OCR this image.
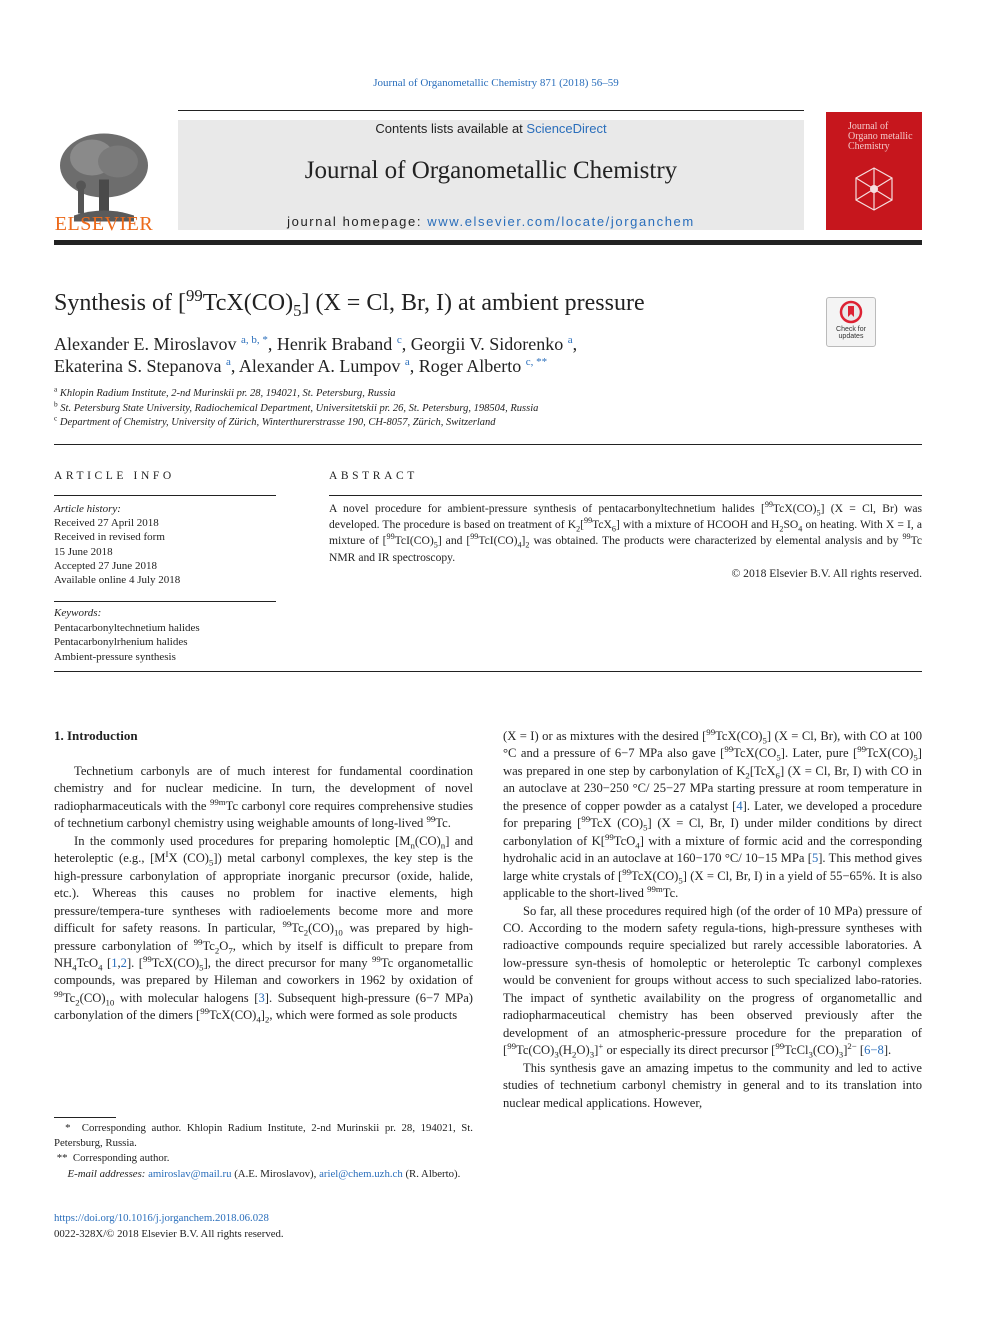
Journal of Organometallic Chemistry 871 (2018) 56–59
ELSEVIER
Contents lists available at ScienceDirect
Journal of Organometallic Chemistry
journal homepage: www.elsevier.com/locate/jorganchem
Journal of Organo metallic Chemistry
Synthesis of $[^{99}TcX(CO)_5] (X = Cl$, Br, I) at ambient pressure
Check for
updates
Alexander E. Miroslavov $^{a, b, *}$, Henrik Braband $^c$, Georgii V. Sidorenko $^a$,
Ekaterina S. Stepanova $^a$, Alexander A. Lumpov $^a$, Roger Alberto $^{c, **}$
$^a$ Khlopin Radium Institute, 2-nd Murinskii pr. 28, 194021, St. Petersburg, Russia
$^b$ St. Petersburg State University, Radiochemical Department, Universitetskii pr. 26, St. Petersburg, 198504, Russia
$^c$ Department of Chemistry, University of Zürich, Winterthurerstrasse 190, CH-8057, Zürich, Switzerland
ARTICLE INFO	ABSTRACT
Article history:
Received 27 April 2018
Received in revised form
15 June 2018
Accepted 27 June 2018
Available online 4 July 2018
Keywords:
Pentacarbonyltechnetium halides
Pentacarbonylrhenium halides
Ambient-pressure synthesis
A novel procedure for ambient-pressure synthesis of pentacarbonyltechnetium halides $[^{99}TcX(CO)_5] (X = Cl$, Br) was developed. The procedure is based on treatment of $K_2[^{99}TcX_6]$ with a mixture of HCOOH and $H_2SO_4$ on heating. With X = I, a mixture of $[^{99}TcI(CO)_5]$ and $[^{99}TcI(CO)_4]_2$ was obtained. The products were characterized by elemental analysis and by $^{99}$Tc NMR and IR spectroscopy.
© 2018 Elsevier B.V. All rights reserved.
1. Introduction

Technetium carbonyls are of much interest for fundamental coordination chemistry and for nuclear medicine. In turn, the development of novel radiopharmaceuticals with the $^{99m}$Tc carbonyl core requires comprehensive studies of technetium carbonyl chemistry using weighable amounts of long-lived $^{99}$Tc.

In the commonly used procedures for preparing homoleptic $[M_n(CO)_n]$ and heteroleptic (e.g., [$M^IX$ $(CO)_5$]) metal carbonyl complexes, the key step is the high-pressure carbonylation of appropriate inorganic precursor (oxide, halide, etc.). Whereas this causes no problem for inactive elements, high pressure/tempera-ture syntheses with radioelements become more and more difficult for safety reasons. In particular, $^{99}Tc_2(CO)_{10}$ was prepared by high-pressure carbonylation of $^{99}Tc_2O_7$, which by itself is difficult to prepare from $NH_4TcO_4$ [1,2]. $[^{99}TcX(CO)_5]$, the direct precursor for many $^{99}$Tc organometallic compounds, was prepared by Hileman and coworkers in 1962 by oxidation of $^{99}Tc_2(CO)_{10}$ with molecular halogens [3]. Subsequent high-pressure (6−7 MPa) carbonylation of the dimers $[^{99}TcX(CO)_4]_2$, which were formed as sole products

(X = I) or as mixtures with the desired $[^{99}TcX(CO)_5] (X = Cl$, Br), with CO at 100 °C and a pressure of 6−7 MPa also gave [$^{99}TcX(CO_5]$. Later, pure $[^{99}TcX(CO)_5]$ was prepared in one step by carbonylation of $K_2[TcX_6] (X = Cl$, Br, I) with CO in an autoclave at 230−250 °C/ 25−27 MPa starting pressure at room temperature in the presence of copper powder as a catalyst [4]. Later, we developed a procedure for preparing [$^{99}$TcX $(CO)_5$] (X = Cl, Br, I) under milder conditions by direct carbonylation of K[$^{99}$TcO$_4$] with a mixture of formic acid and the corresponding hydrohalic acid in an autoclave at 160−170 °C/ 10−15 MPa [5]. This method gives large white crystals of $[^{99}TcX(CO)_5] (X = Cl$, Br, I) in a yield of 55−65%. It is also applicable to the short-lived $^{99m}$Tc.

So far, all these procedures required high (of the order of 10 MPa) pressure of CO. According to the modern safety regula-tions, high-pressure syntheses with radioactive compounds require specialized but rarely accessible laboratories. A low-pressure syn-thesis of homoleptic or heteroleptic Tc carbonyl complexes would be convenient for groups without access to such specialized labo-ratories. The impact of synthetic availability on the progress of organometallic and radiopharmaceutical chemistry has been observed previously after the development of an atmospheric-pressure procedure for the preparation of $[^{99}Tc(CO)_3(H_2O)_3]^+$ or especially its direct precursor $[^{99}TcCl_3(CO)_3]^{2-}$ [6−8].

This synthesis gave an amazing impetus to the community and led to active studies of technetium carbonyl chemistry in general and to its translation into nuclear medical applications. However,

*  Corresponding author. Khlopin Radium Institute, 2-nd Murinskii pr. 28, 194021, St. Petersburg, Russia.
**  Corresponding author.
E-mail addresses: amiroslav@mail.ru (A.E. Miroslavov), ariel@chem.uzh.ch (R. Alberto).
https://doi.org/10.1016/j.jorganchem.2018.06.028
0022-328X/© 2018 Elsevier B.V. All rights reserved.
